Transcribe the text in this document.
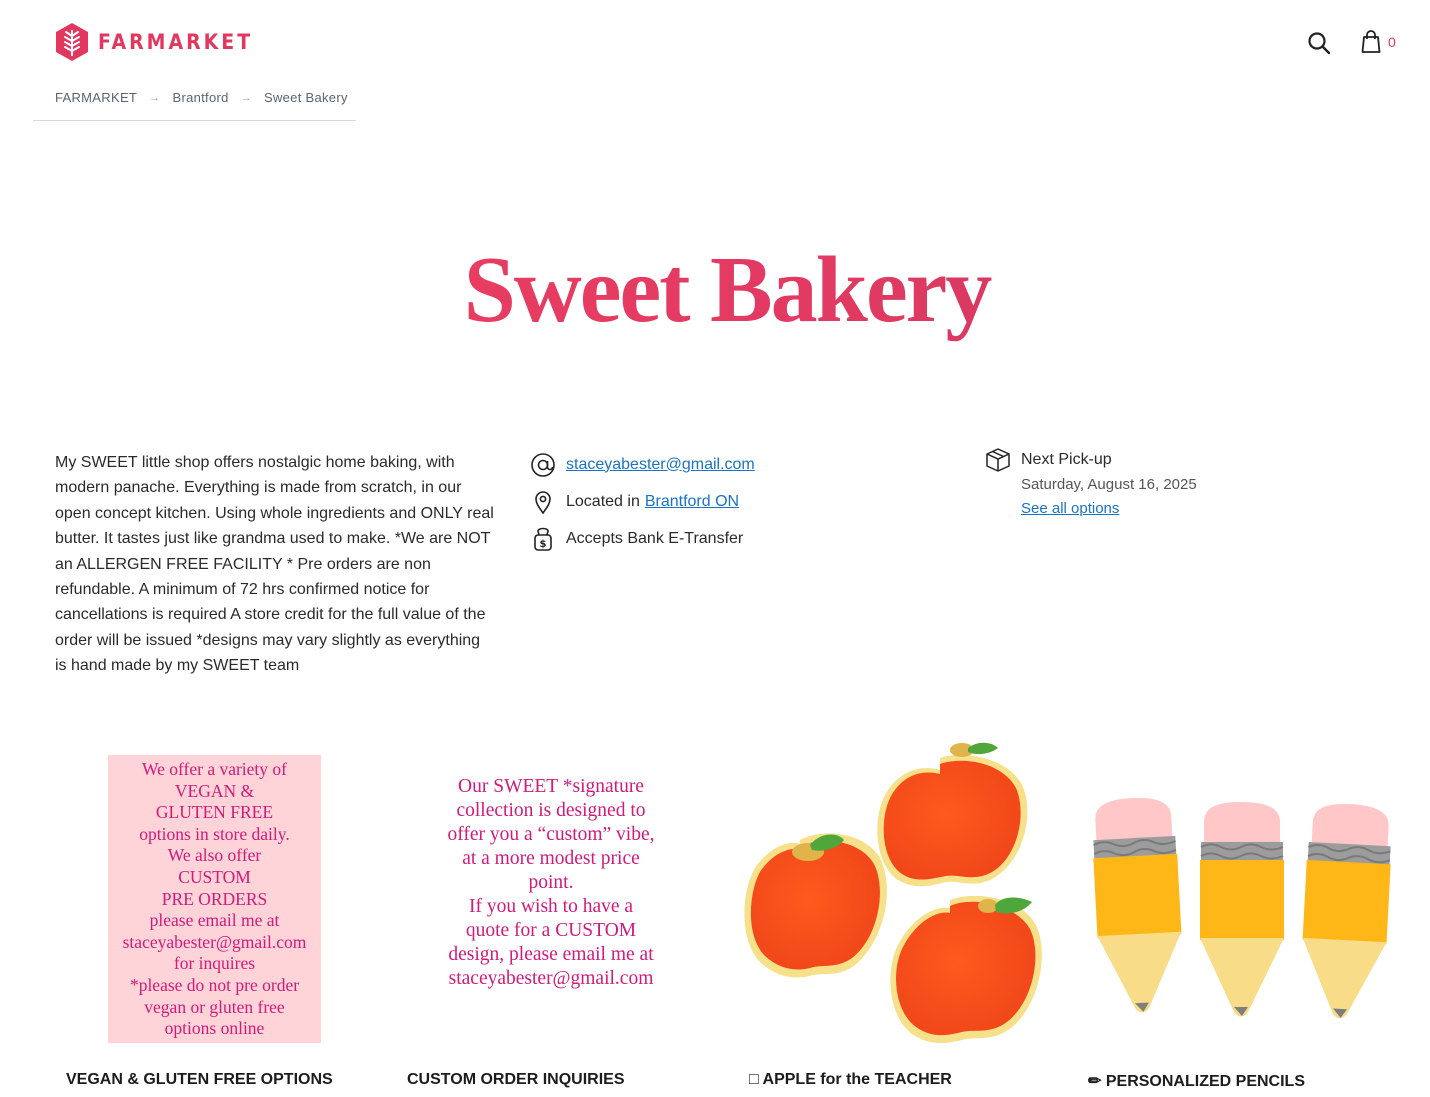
FARMARKET	0
FARMARKET → Brantford → Sweet Bakery
Sweet Bakery

My SWEET little shop offers nostalgic home baking, with modern panache. Everything is made from scratch, in our open concept kitchen. Using whole ingredients and ONLY real butter. It tastes just like grandma used to make. *We are NOT an ALLERGEN FREE FACILITY * Pre orders are non refundable. A minimum of 72 hrs confirmed notice for cancellations is required A store credit for the full value of the order will be issued *designs may vary slightly as everything is hand made by my SWEET team

staceyabester@gmail.com
Located in Brantford ON
$ Accepts Bank E-Transfer
Next Pick-up
Saturday, August 16, 2025
See all options
We offer a variety of
VEGAN &
GLUTEN FREE
options in store daily.
We also offer
CUSTOM
PRE ORDERS
please email me at
staceyabester@gmail.com
for inquires
*please do not pre order
vegan or gluten free
options online
VEGAN & GLUTEN FREE OPTIONS
Our SWEET *signature
collection is designed to
offer you a “custom” vibe,
at a more modest price
point.
If you wish to have a
quote for a CUSTOM
design, please email me at
staceyabester@gmail.com
CUSTOM ORDER INQUIRIES	□ APPLE for the TEACHER	✏ PERSONALIZED PENCILS
